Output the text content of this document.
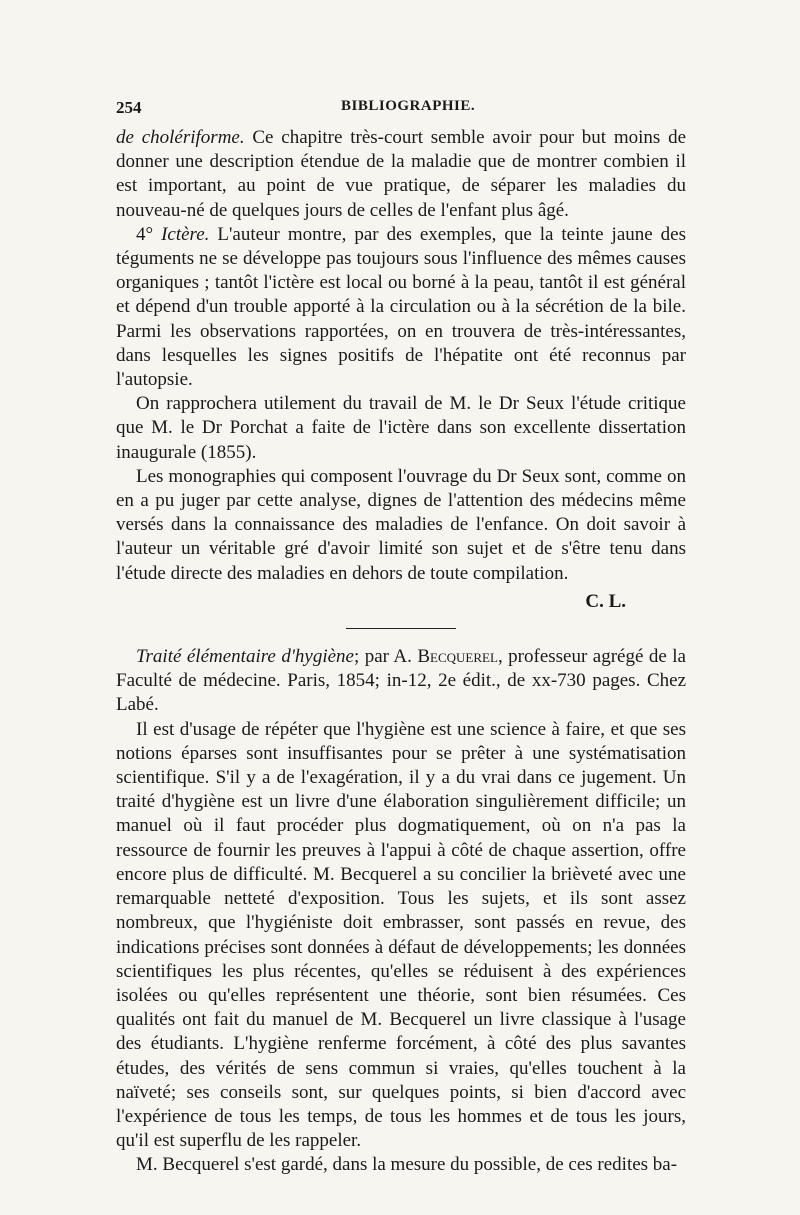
254	BIBLIOGRAPHIE.

de cholériforme. Ce chapitre très-court semble avoir pour but moins de donner une description étendue de la maladie que de montrer combien il est important, au point de vue pratique, de séparer les maladies du nouveau-né de quelques jours de celles de l'enfant plus âgé.

4° Ictère. L'auteur montre, par des exemples, que la teinte jaune des téguments ne se développe pas toujours sous l'influence des mêmes causes organiques ; tantôt l'ictère est local ou borné à la peau, tantôt il est général et dépend d'un trouble apporté à la circulation ou à la sécrétion de la bile. Parmi les observations rapportées, on en trouvera de très-intéressantes, dans lesquelles les signes positifs de l'hépatite ont été reconnus par l'autopsie.

On rapprochera utilement du travail de M. le Dr Seux l'étude critique que M. le Dr Porchat a faite de l'ictère dans son excellente dissertation inaugurale (1855).

Les monographies qui composent l'ouvrage du Dr Seux sont, comme on en a pu juger par cette analyse, dignes de l'attention des médecins même versés dans la connaissance des maladies de l'enfance. On doit savoir à l'auteur un véritable gré d'avoir limité son sujet et de s'être tenu dans l'étude directe des maladies en dehors de toute compilation.

C. L.

Traité élémentaire d'hygiène; par A. Becquerel, professeur agrégé de la Faculté de médecine. Paris, 1854; in-12, 2e édit., de xx-730 pages. Chez Labé.

Il est d'usage de répéter que l'hygiène est une science à faire, et que ses notions éparses sont insuffisantes pour se prêter à une systématisation scientifique. S'il y a de l'exagération, il y a du vrai dans ce jugement. Un traité d'hygiène est un livre d'une élaboration singulièrement difficile; un manuel où il faut procéder plus dogmatiquement, où on n'a pas la ressource de fournir les preuves à l'appui à côté de chaque assertion, offre encore plus de difficulté. M. Becquerel a su concilier la brièveté avec une remarquable netteté d'exposition. Tous les sujets, et ils sont assez nombreux, que l'hygiéniste doit embrasser, sont passés en revue, des indications précises sont données à défaut de développements; les données scientifiques les plus récentes, qu'elles se réduisent à des expériences isolées ou qu'elles représentent une théorie, sont bien résumées. Ces qualités ont fait du manuel de M. Becquerel un livre classique à l'usage des étudiants. L'hygiène renferme forcément, à côté des plus savantes études, des vérités de sens commun si vraies, qu'elles touchent à la naïveté; ses conseils sont, sur quelques points, si bien d'accord avec l'expérience de tous les temps, de tous les hommes et de tous les jours, qu'il est superflu de les rappeler.

M. Becquerel s'est gardé, dans la mesure du possible, de ces redites ba-
